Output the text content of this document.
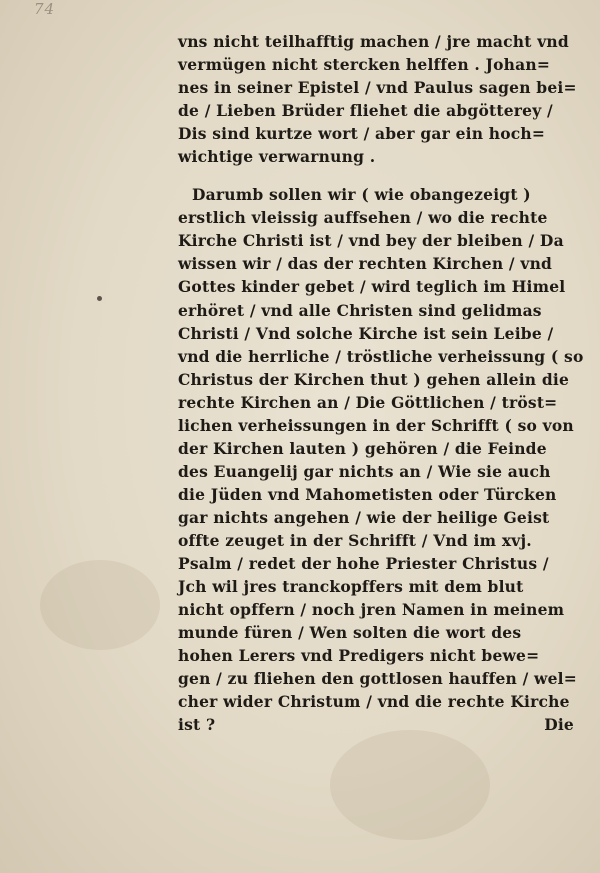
74
vns nicht teilhafftig machen / jre macht vnd
vermügen nicht stercken helffen . Johan=
nes in seiner Epistel / vnd Paulus sagen bei=
de / Lieben Brüder fliehet die abgötterey /
Dis sind kurtze wort / aber gar ein hoch=
wichtige verwarnung .
Darumb sollen wir ( wie obangezeigt )
erstlich vleissig auffsehen / wo die rechte
Kirche Christi ist / vnd bey der bleiben / Da
wissen wir / das der rechten Kirchen / vnd
Gottes kinder gebet / wird teglich im Himel
erhöret / vnd alle Christen sind gelidmas
Christi / Vnd solche Kirche ist sein Leibe /
vnd die herrliche / tröstliche verheissung ( so
Christus der Kirchen thut ) gehen allein die
rechte Kirchen an / Die Göttlichen / tröst=
lichen verheissungen in der Schrifft ( so von
der Kirchen lauten ) gehören / die Feinde
des Euangelij gar nichts an / Wie sie auch
die Jüden vnd Mahometisten oder Türcken
gar nichts angehen / wie der heilige Geist
offte zeuget in der Schrifft / Vnd im xvj.
Psalm / redet der hohe Priester Christus /
Jch wil jres tranckopffers mit dem blut
nicht opffern / noch jren Namen in meinem
munde füren / Wen solten die wort des
hohen Lerers vnd Predigers nicht bewe=
gen / zu fliehen den gottlosen hauffen / wel=
cher wider Christum / vnd die rechte Kirche
ist ?	Die
